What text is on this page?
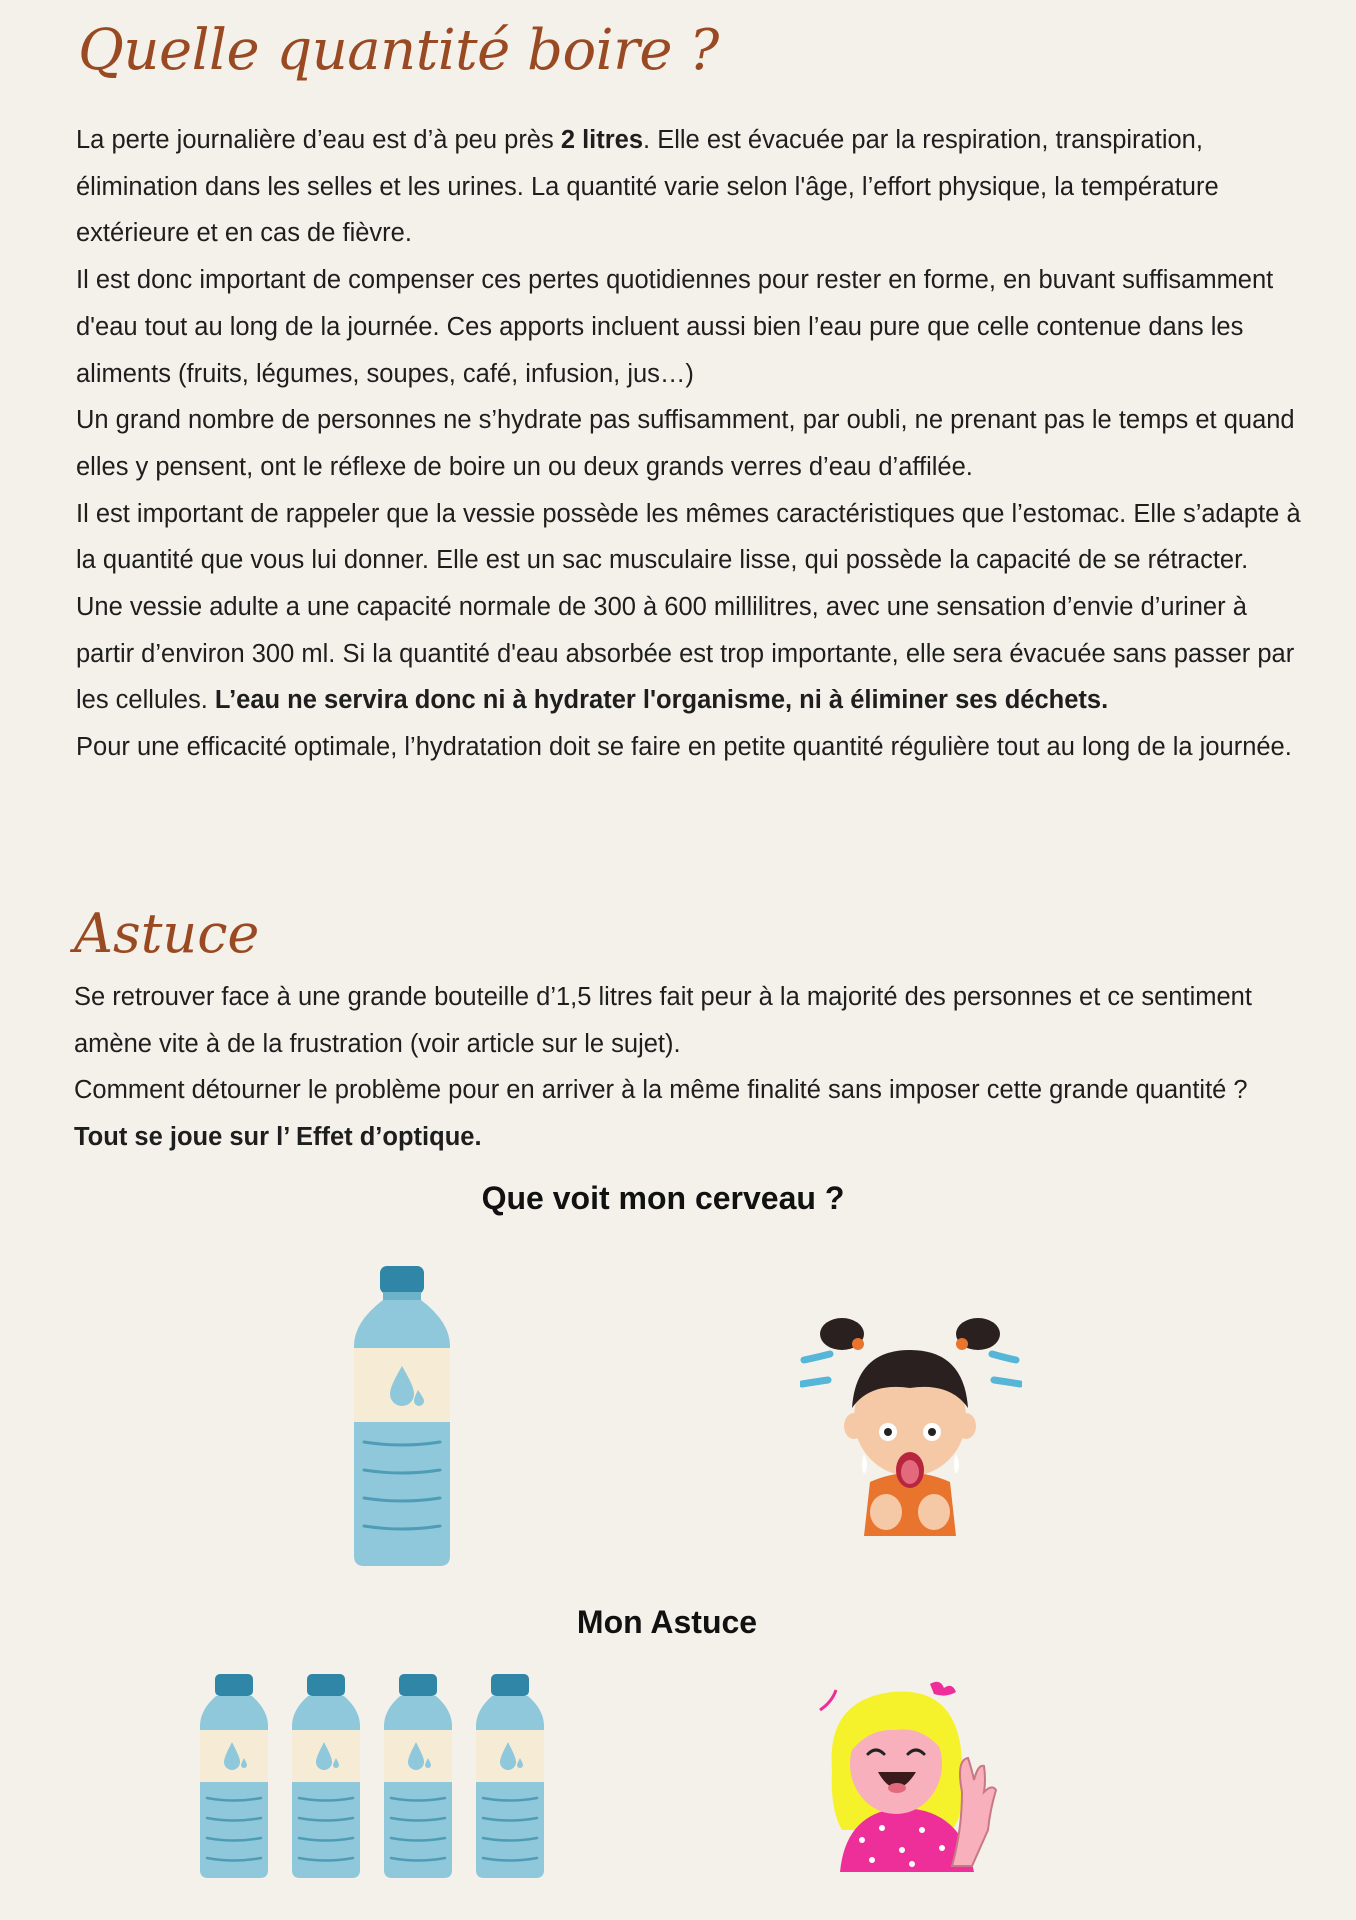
Quelle quantité boire ?

La perte journalière d’eau est d’à peu près 2 litres. Elle est évacuée par la respiration, transpiration, élimination dans les selles et les urines. La quantité varie selon l'âge, l’effort physique, la température extérieure et en cas de fièvre.

Il est donc important de compenser ces pertes quotidiennes pour rester en forme, en buvant suffisamment d'eau tout au long de la journée. Ces apports incluent aussi bien l’eau pure que celle contenue dans les aliments (fruits, légumes, soupes, café, infusion, jus…)

Un grand nombre de personnes ne s’hydrate pas suffisamment, par oubli, ne prenant pas le temps et quand elles y pensent, ont le réflexe de boire un ou deux grands verres d’eau d’affilée.

Il est important de rappeler que la vessie possède les mêmes caractéristiques que l’estomac. Elle s’adapte à la quantité que vous lui donner. Elle est un sac musculaire lisse, qui possède la capacité de se rétracter. Une vessie adulte a une capacité normale de 300 à 600 millilitres, avec une sensation d’envie d’uriner à partir d’environ 300 ml. Si la quantité d'eau absorbée est trop importante, elle sera évacuée sans passer par les cellules. L’eau ne servira donc ni à hydrater l'organisme, ni à éliminer ses déchets.

Pour une efficacité optimale, l’hydratation doit se faire en petite quantité régulière tout au long de la journée.

Astuce

Se retrouver face à une grande bouteille d’1,5 litres fait peur à la majorité des personnes et ce sentiment amène vite à de la frustration (voir article sur le sujet).

Comment détourner le problème pour en arriver à la même finalité sans imposer cette grande quantité ? Tout se joue sur l’ Effet d’optique.

Que voit mon cerveau ?
Mon Astuce
